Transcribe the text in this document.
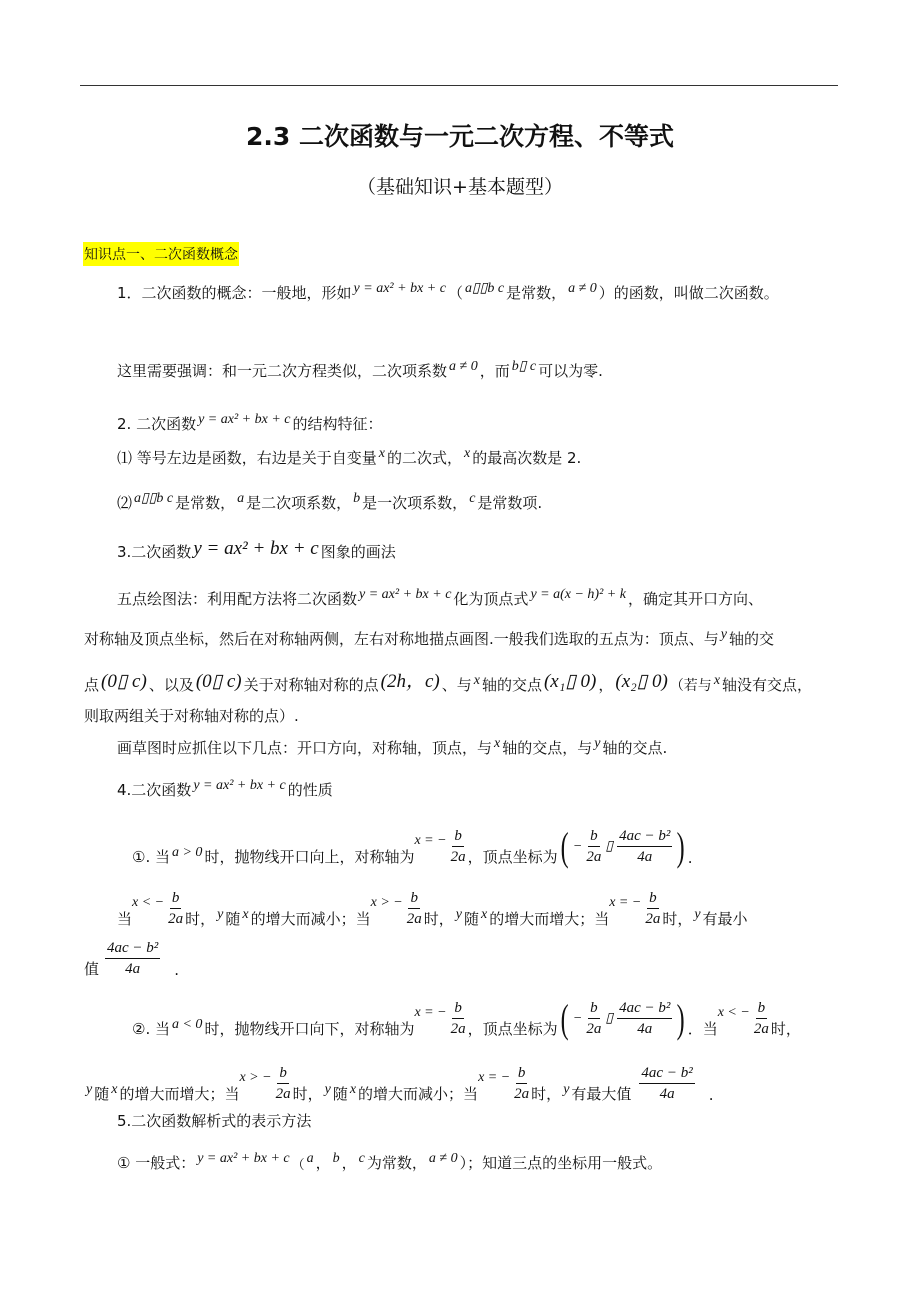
2.3 二次函数与一元二次方程、不等式
（基础知识+基本题型）
知识点一、二次函数概念
1．二次函数的概念：一般地，形如 y = ax² + bx + c （ a▯▯b c 是常数， a ≠ 0 ）的函数，叫做二次函数。
这里需要强调：和一元二次方程类似，二次项系数 a ≠ 0 ，而 b▯ c 可以为零.
2. 二次函数 y = ax² + bx + c 的结构特征：
⑴ 等号左边是函数，右边是关于自变量 x 的二次式， x 的最高次数是 2.
⑵ a▯▯b c 是常数， a 是二次项系数， b 是一次项系数， c 是常数项.
3.二次函数 y = ax² + bx + c 图象的画法
五点绘图法：利用配方法将二次函数 y = ax² + bx + c 化为顶点式 y = a(x − h)² + k ，确定其开口方向、
对称轴及顶点坐标，然后在对称轴两侧，左右对称地描点画图.一般我们选取的五点为：顶点、与 y 轴的交
点 (0▯ c) 、以及 (0▯ c) 关于对称轴对称的点 (2h，c) 、与 x 轴的交点 (x₁▯ 0) ， (x₂▯ 0) （若与 x 轴没有交点，
则取两组关于对称轴对称的点）.
画草图时应抓住以下几点：开口方向，对称轴，顶点，与 x 轴的交点，与 y 轴的交点.
4.二次函数 y = ax² + bx + c 的性质
①. 当 a > 0 时，抛物线开口向上，对称轴为
x = − $\frac{b}{2a}$ ，顶点坐标为 ( − $\frac{b}{2a}$ ▯ $\frac{\text{4ac − b²}}{4a}$ ) .
当
x < − $\frac{b}{2a}$ 时， y 随 x 的增大而减小；当
x > − $\frac{b}{2a}$ 时， y 随 x 的增大而增大；当
x = − $\frac{b}{2a}$ 时， y 有最小
值 $\frac{\text{4ac − b²}}{4a}$ .
②. 当 a < 0 时，抛物线开口向下，对称轴为
x = − $\frac{b}{2a}$ ，顶点坐标为 ( − $\frac{b}{2a}$ ▯ $\frac{\text{4ac − b²}}{4a}$ ) ．当
x < − $\frac{b}{2a}$ 时，
y 随 x 的增大而增大；当
x > − $\frac{b}{2a}$ 时， y 随 x 的增大而减小；当
x = − $\frac{b}{2a}$ 时， y 有最大值 $\frac{\text{4ac − b²}}{4a}$ .
5.二次函数解析式的表示方法
① 一般式： y = ax² + bx + c （ a ， b ， c 为常数， a ≠ 0 ）；知道三点的坐标用一般式。
